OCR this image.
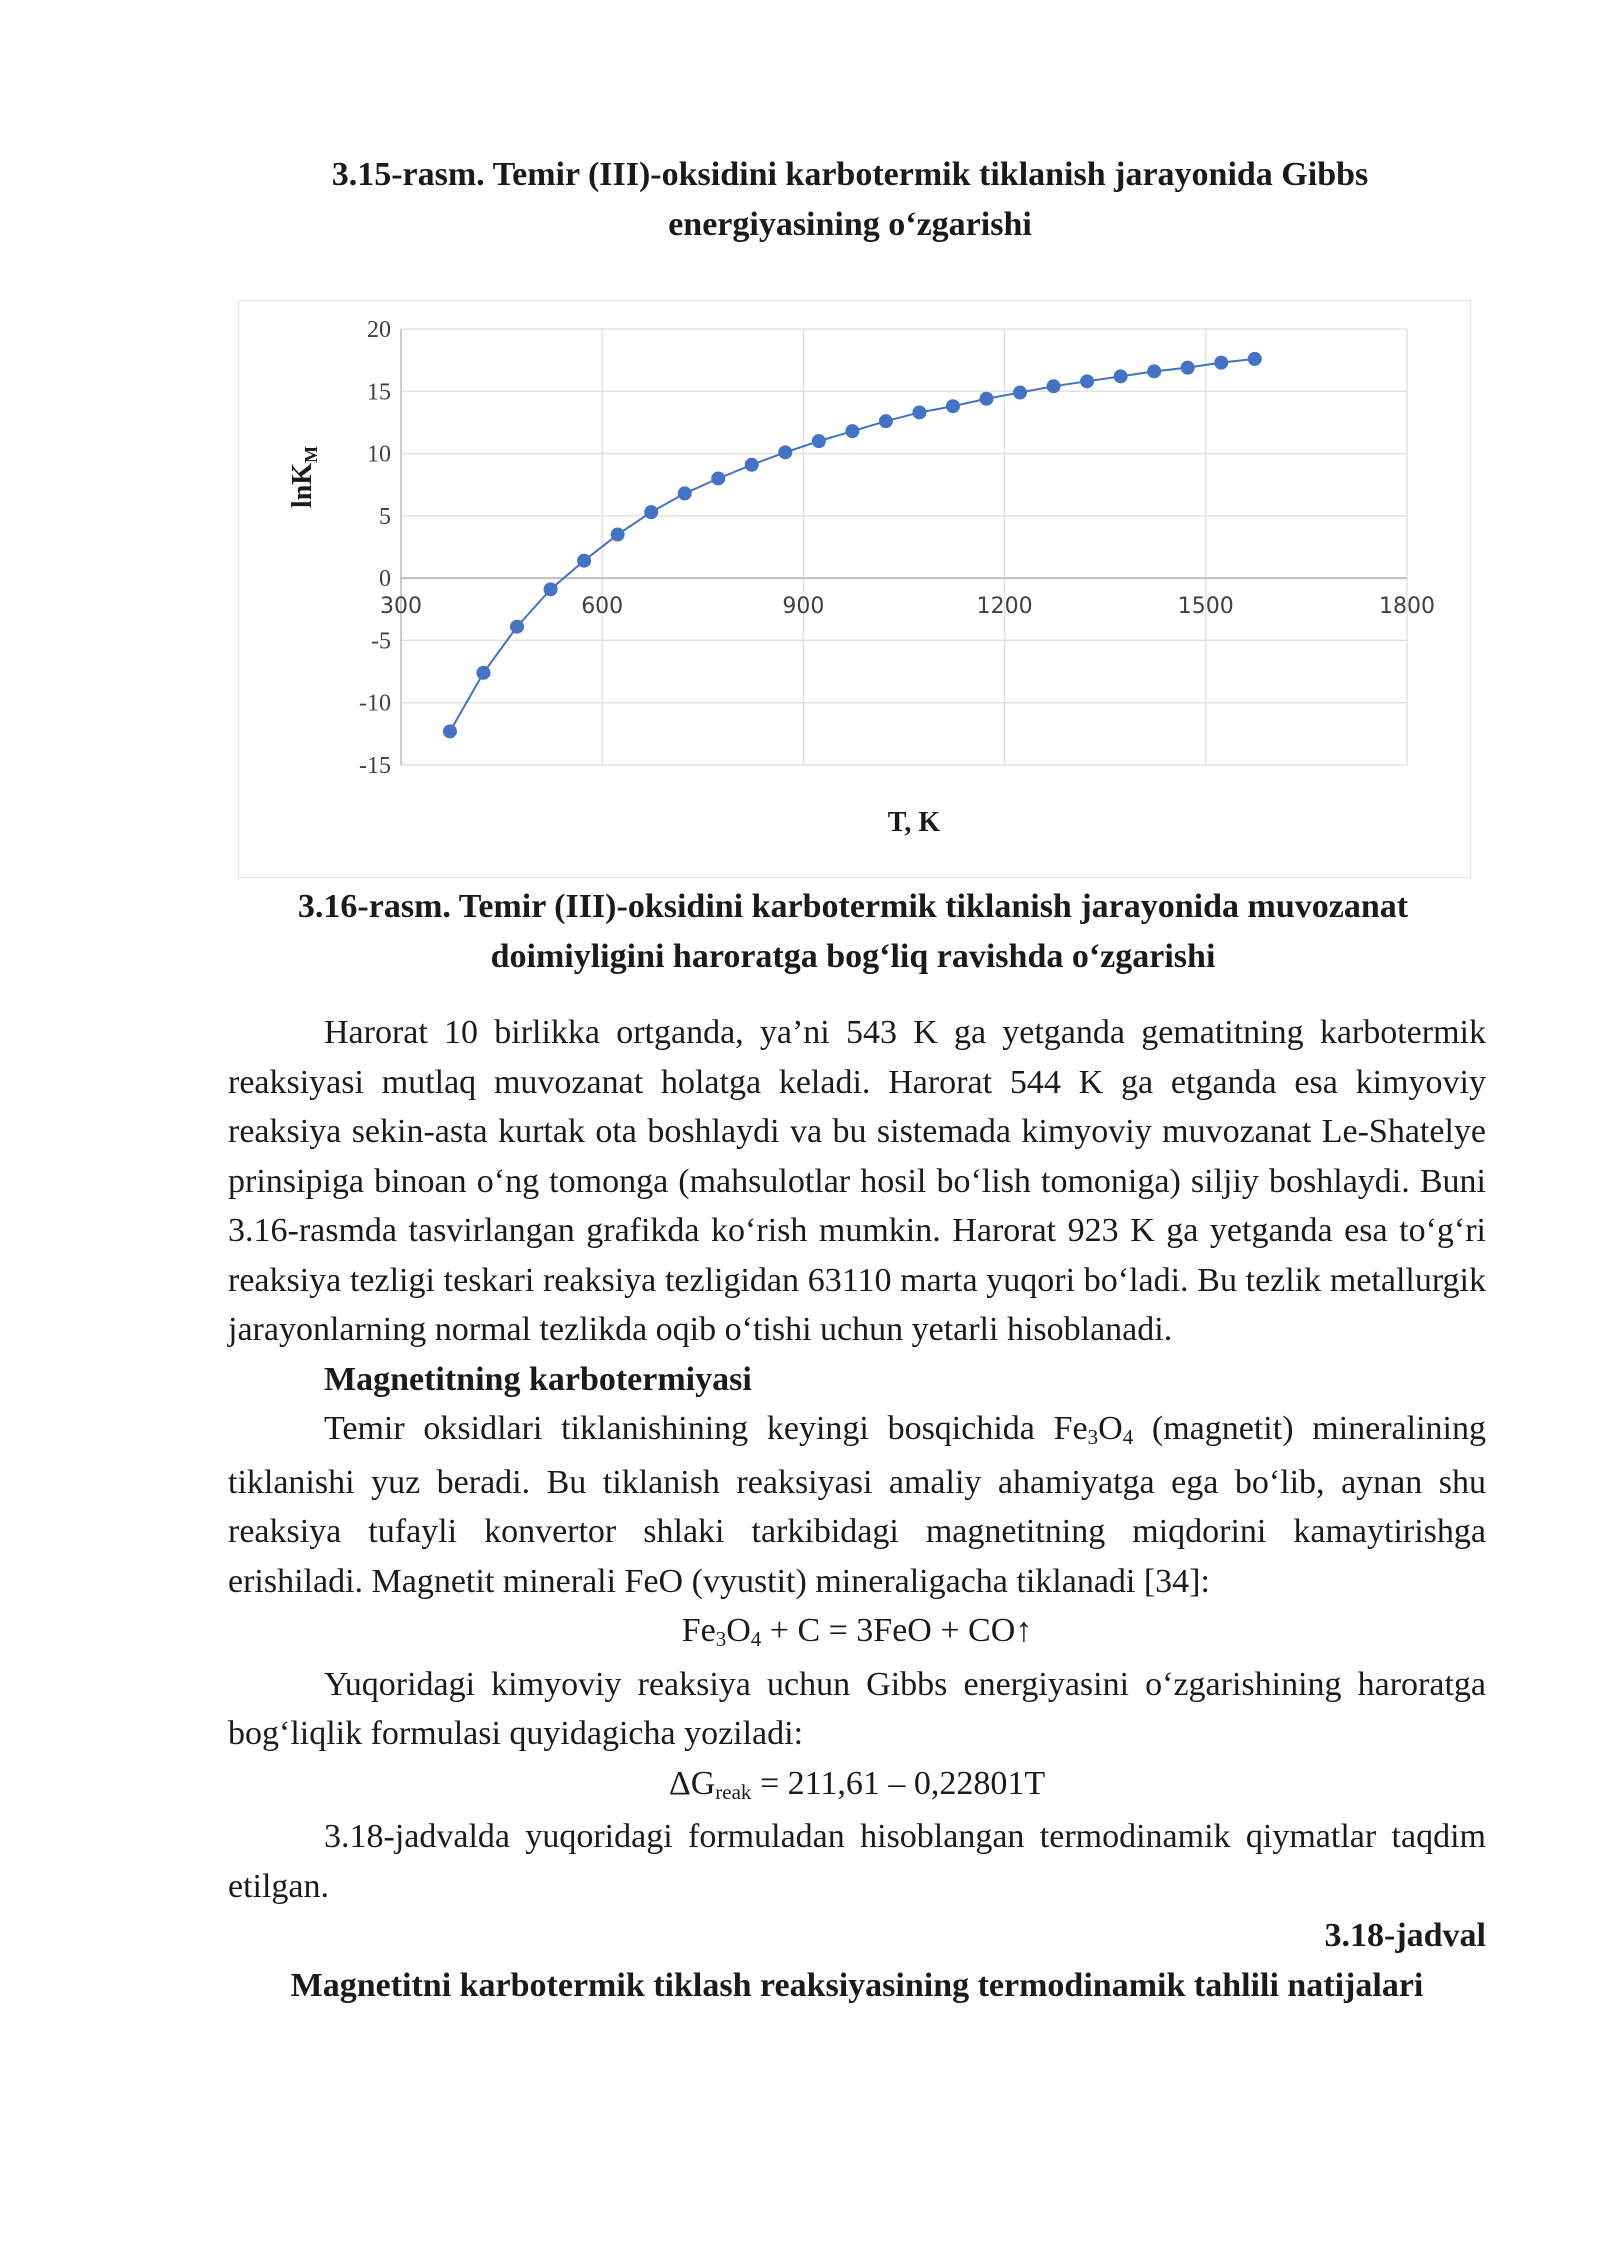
3.15-rasm. Temir (III)-oksidini karbotermik tiklanish jarayonida Gibbs energiyasining oʻzgarishi
20
15
10
5
0
-5
-10
-15
300	600	900	1200	1500	1800
T, K
lnK$_M$
3.16-rasm. Temir (III)-oksidini karbotermik tiklanish jarayonida muvozanat doimiyligini haroratga bogʻliq ravishda oʻzgarishi

Harorat 10 birlikka ortganda, ya’ni 543 K ga yetganda gematitning karbotermik reaksiyasi mutlaq muvozanat holatga keladi. Harorat 544 K ga etganda esa kimyoviy reaksiya sekin-asta kurtak ota boshlaydi va bu sistemada kimyoviy muvozanat Le-Shatelye prinsipiga binoan oʻng tomonga (mahsulotlar hosil boʻlish tomoniga) siljiy boshlaydi. Buni 3.16-rasmda tasvirlangan grafikda koʻrish mumkin. Harorat 923 K ga yetganda esa toʻgʻri reaksiya tezligi teskari reaksiya tezligidan 63110 marta yuqori boʻladi. Bu tezlik metallurgik jarayonlarning normal tezlikda oqib oʻtishi uchun yetarli hisoblanadi.

Magnetitning karbotermiyasi

Temir oksidlari tiklanishining keyingi bosqichida $Fe_3O_4$ (magnetit) mineralining tiklanishi yuz beradi. Bu tiklanish reaksiyasi amaliy ahamiyatga ega boʻlib, aynan shu reaksiya tufayli konvertor shlaki tarkibidagi magnetitning miqdorini kamaytirishga erishiladi. Magnetit minerali FeO (vyustit) mineraligacha tiklanadi [34]:

$Fe_3O_4 + C = 3FeO$ + CO↑

Yuqoridagi kimyoviy reaksiya uchun Gibbs energiyasini oʻzgarishining haroratga bogʻliqlik formulasi quyidagicha yoziladi:

$\Delta G_{reak} = 211,61 - 0,22801T$

3.18-jadvalda yuqoridagi formuladan hisoblangan termodinamik qiymatlar taqdim etilgan.

3.18-jadval

Magnetitni karbotermik tiklash reaksiyasining termodinamik tahlili natijalari
